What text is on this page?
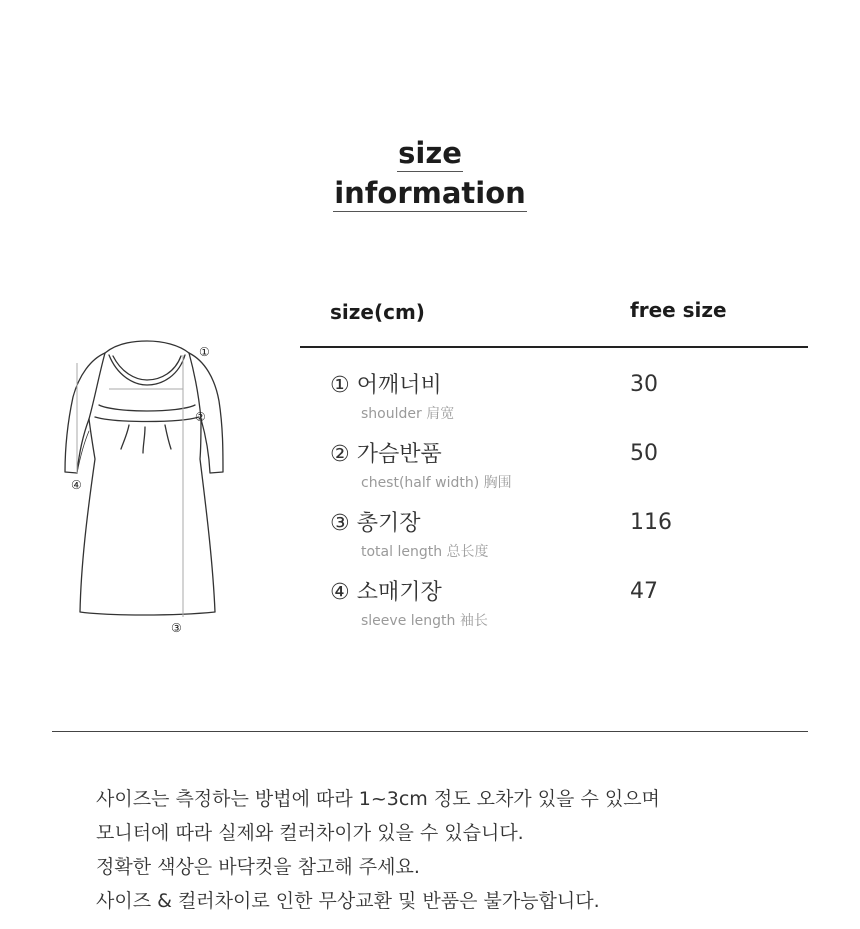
size
information
①
②
③
④
size(cm)	free size
① 어깨너비
shoulder 肩宽
30
② 가슴반품
chest(half width) 胸围
50
③ 총기장
total length 总长度
116
④ 소매기장
sleeve length 袖长
47
사이즈는 측정하는 방법에 따라 1~3cm 정도 오차가 있을 수 있으며
모니터에 따라 실제와 컬러차이가 있을 수 있습니다.
정확한 색상은 바닥컷을 참고해 주세요.
사이즈 & 컬러차이로 인한 무상교환 및 반품은 불가능합니다.
